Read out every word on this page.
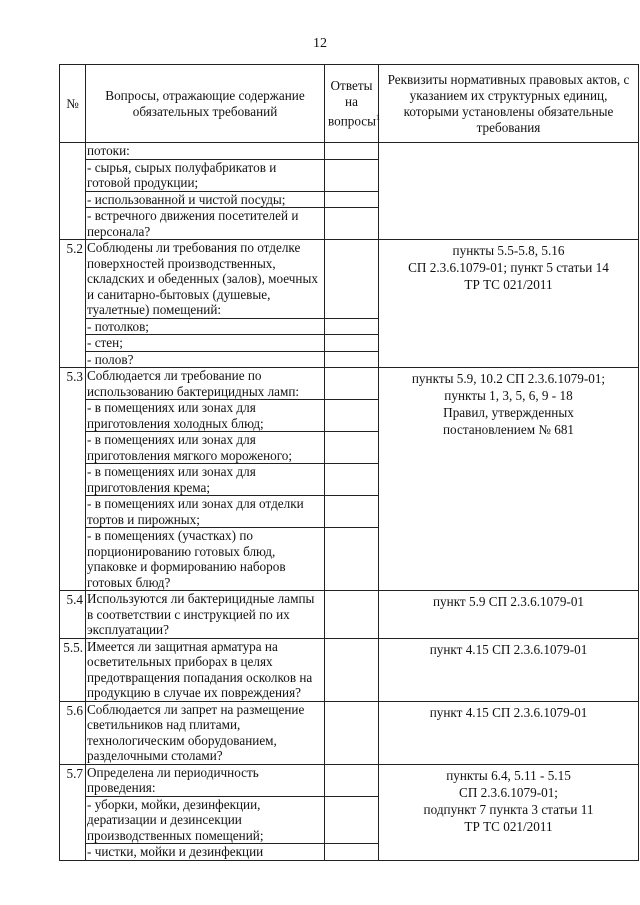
12
№	Вопросы, отражающие содержание обязательных требований	Ответы на вопросы$^1$	Реквизиты нормативных правовых актов, с указанием их структурных единиц, которыми установлены обязательные требования
	потоки:		
	- сырья, сырых полуфабрикатов и готовой продукции;		
	- использованной и чистой посуды;		
	- встречного движения посетителей и персонала?		
5.2	Соблюдены ли требования по отделке поверхностей производственных, складских и обеденных (залов), моечных и санитарно-бытовых (душевые, туалетные) помещений:		пункты 5.5-5.8, 5.16
СП 2.3.6.1079-01; пункт 5 статьи 14
ТР ТС 021/2011

	- потолков;		
	- стен;		
	- полов?		
5.3	Соблюдается ли требование по использованию бактерицидных ламп:		пункты 5.9, 10.2 СП 2.3.6.1079-01;
пункты 1, 3, 5, 6, 9 - 18
Правил, утвержденных
постановлением № 681

	- в помещениях или зонах для приготовления холодных блюд;		
	- в помещениях или зонах для приготовления мягкого мороженого;		
	- в помещениях или зонах для приготовления крема;		
	- в помещениях или зонах для отделки тортов и пирожных;		
	- в помещениях (участках) по порционированию готовых блюд, упаковке и формированию наборов готовых блюд?		
5.4	Используются ли бактерицидные лампы в соответствии с инструкцией по их эксплуатации?		пункт 5.9 СП 2.3.6.1079-01

5.5.	Имеется ли защитная арматура на осветительных приборах в целях предотвращения попадания осколков на продукцию в случае их повреждения?		пункт 4.15 СП 2.3.6.1079-01

5.6	Соблюдается ли запрет на размещение светильников над плитами, технологическим оборудованием, разделочными столами?		пункт 4.15 СП 2.3.6.1079-01

5.7	Определена ли периодичность проведения:		пункты 6.4, 5.11 - 5.15
СП 2.3.6.1079-01;
подпункт 7 пункта 3 статьи 11
ТР ТС 021/2011

	- уборки, мойки, дезинфекции, дератизации и дезинсекции производственных помещений;		
	- чистки, мойки и дезинфекции		
